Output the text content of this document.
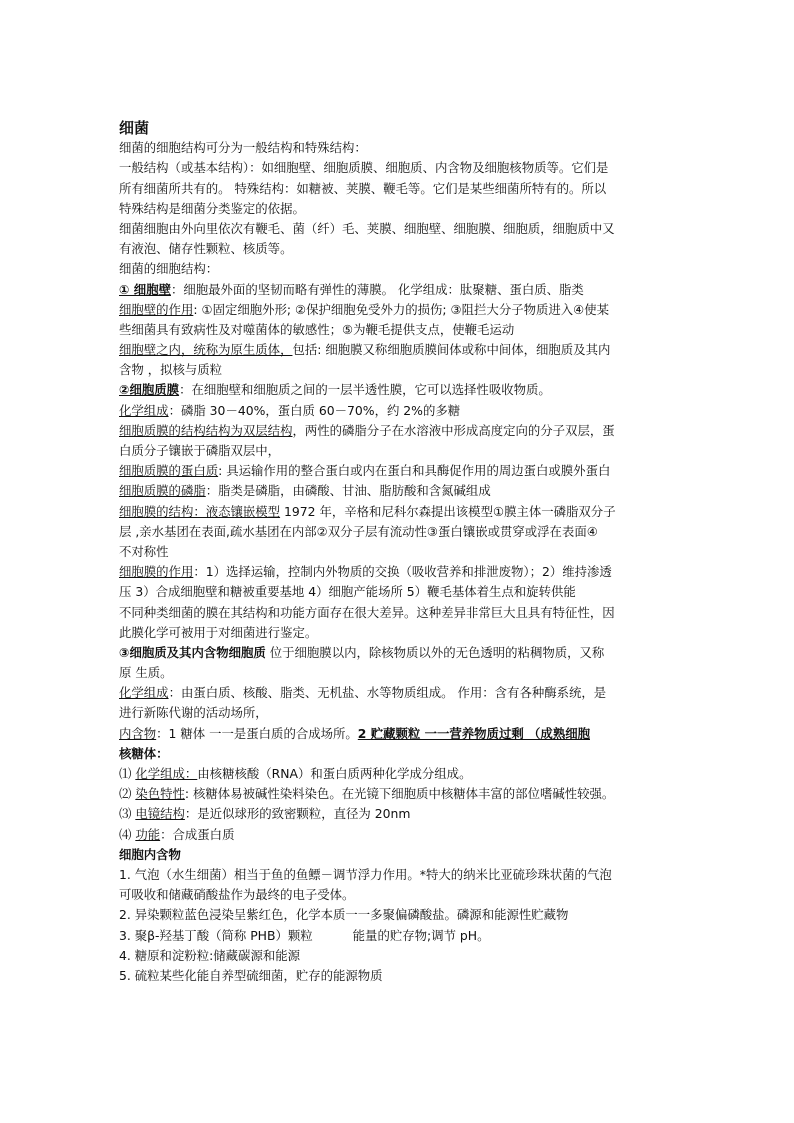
细菌
细菌的细胞结构可分为一般结构和特殊结构：
一般结构（或基本结构）：如细胞壁、细胞质膜、细胞质、内含物及细胞核物质等。它们是
所有细菌所共有的。 特殊结构：如糖被、荚膜、鞭毛等。它们是某些细菌所特有的。所以
特殊结构是细菌分类鉴定的依据。
细菌细胞由外向里依次有鞭毛、菌（纤）毛、荚膜、细胞壁、细胞膜、细胞质，细胞质中又
有液泡、储存性颗粒、核质等。
细菌的细胞结构：
① 细胞壁：细胞最外面的坚韧而略有弹性的薄膜。 化学组成：肽聚糖、蛋白质、脂类
细胞壁的作用: ①固定细胞外形; ②保护细胞免受外力的损伤; ③阻拦大分子物质进入④使某
些细菌具有致病性及对噬菌体的敏感性；⑤为鞭毛提供支点，使鞭毛运动
细胞壁之内，统称为原生质体，包括: 细胞膜又称细胞质膜间体或称中间体，细胞质及其内
含物 ，拟核与质粒
②细胞质膜：在细胞壁和细胞质之间的一层半透性膜，它可以选择性吸收物质。
化学组成：磷脂 30－40%，蛋白质 60－70%，约 2%的多糖
细胞质膜的结构结构为双层结构，两性的磷脂分子在水溶液中形成高度定向的分子双层，蛋
白质分子镶嵌于磷脂双层中，
细胞质膜的蛋白质: 具运输作用的整合蛋白或内在蛋白和具酶促作用的周边蛋白或膜外蛋白
细胞质膜的磷脂：脂类是磷脂，由磷酸、甘油、脂肪酸和含氮碱组成
细胞膜的结构：液态镶嵌模型 1972 年，辛格和尼科尔森提出该模型①膜主体一磷脂双分子
层 ,亲水基团在表面,疏水基团在内部②双分子层有流动性③蛋白镶嵌或贯穿或浮在表面④
不对称性
细胞膜的作用：1）选择运输，控制内外物质的交换（吸收营养和排泄废物）；2）维持渗透
压 3）合成细胞壁和糖被重要基地 4）细胞产能场所 5）鞭毛基体着生点和旋转供能
不同种类细菌的膜在其结构和功能方面存在很大差异。这种差异非常巨大且具有特征性，因
此膜化学可被用于对细菌进行鉴定。
③细胞质及其内含物细胞质 位于细胞膜以内，除核物质以外的无色透明的粘稠物质，又称
原 生质。
化学组成：由蛋白质、核酸、脂类、无机盐、水等物质组成。 作用：含有各种酶系统，是
进行新陈代谢的活动场所，
内含物：1 糖体 一一是蛋白质的合成场所。2 贮藏颗粒 一一营养物质过剩 （成熟细胞
核糖体：
⑴ 化学组成：由核糖核酸（RNA）和蛋白质两种化学成分组成。
⑵ 染色特性: 核糖体易被碱性染料染色。在光镜下细胞质中核糖体丰富的部位嗜碱性较强。
⑶ 电镜结构：是近似球形的致密颗粒，直径为 20nm
⑷ 功能：合成蛋白质
细胞内含物
1. 气泡（水生细菌）相当于鱼的鱼鳔－调节浮力作用。*特大的纳米比亚硫珍珠状菌的气泡
可吸收和储藏硝酸盐作为最终的电子受体。
2. 异染颗粒蓝色浸染呈紫红色，化学本质一一多聚偏磷酸盐。磷源和能源性贮藏物
3. 聚β-羟基丁酸（简称 PHB）颗粒	能量的贮存物;调节 pH。
4. 糖原和淀粉粒:储藏碳源和能源
5. 硫粒某些化能自养型硫细菌，贮存的能源物质
